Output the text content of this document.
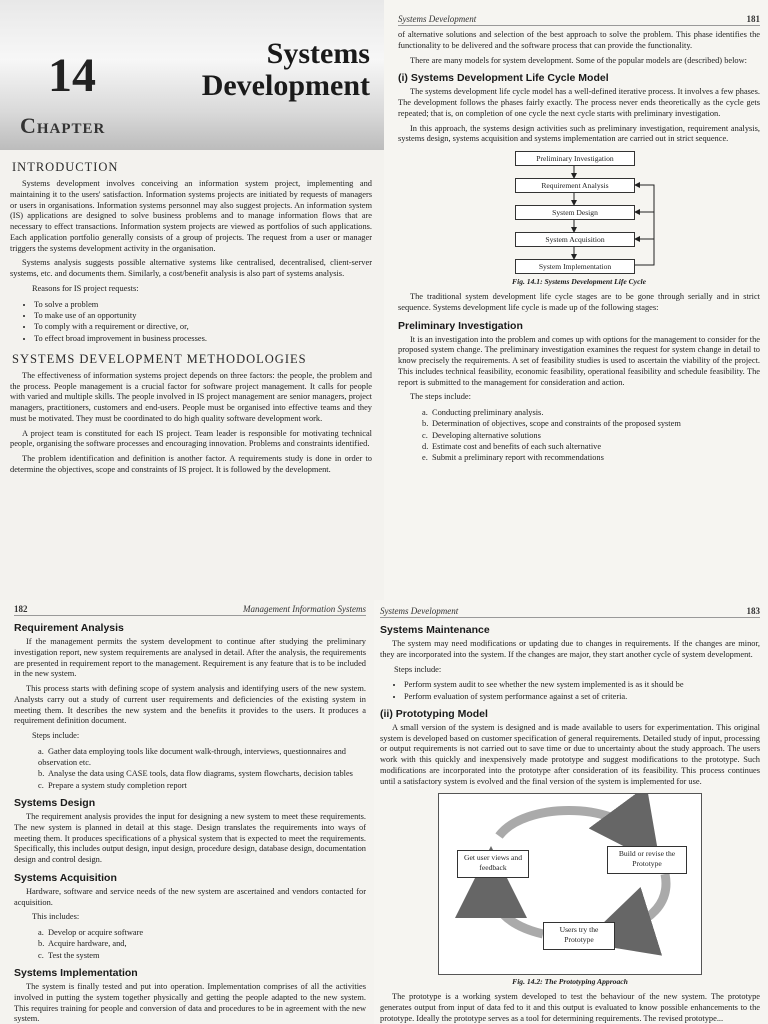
14
Chapter
Systems
Development
INTRODUCTION

Systems development involves conceiving an information system project, implementing and maintaining it to the users' satisfaction. Information systems projects are initiated by requests of managers or users in organisations. Information systems personnel may also suggest projects. An information system (IS) applications are designed to solve business problems and to manage information flows that are necessary to effect transactions. Information system projects are viewed as portfolios of such applications. Each application portfolio generally consists of a group of projects. The request from a user or manager triggers the systems development activity in the organisation.

Systems analysis suggests possible alternative systems like centralised, decentralised, client-server systems, etc. and documents them. Similarly, a cost/benefit analysis is also part of systems analysis.

Reasons for IS project requests:

• To solve a problem
• To make use of an opportunity
• To comply with a requirement or directive, or,
• To effect broad improvement in business processes.
SYSTEMS DEVELOPMENT METHODOLOGIES

The effectiveness of information systems project depends on three factors: the people, the problem and the process. People management is a crucial factor for software project management. It calls for people with varied and multiple skills. The people involved in IS project management are senior managers, project managers, practitioners, customers and end-users. People must be organised into effective teams and they must be motivated. They must be coordinated to do high quality software development work.

A project team is constituted for each IS project. Team leader is responsible for motivating technical people, organising the software processes and encouraging innovation. Problems and constraints identified.

The problem identification and definition is another factor. A requirements study is done in order to determine the objectives, scope and constraints of IS project. It is followed by the development.

Systems Development	181

of alternative solutions and selection of the best approach to solve the problem. This phase identifies the functionality to be delivered and the software process that can provide the functionality.

There are many models for system development. Some of the popular models are (described) below:

(i) Systems Development Life Cycle Model

The systems development life cycle model has a well-defined iterative process. It involves a few phases. The development follows the phases fairly exactly. The process never ends theoretically as the cycle gets repeated; that is, on completion of one cycle the next cycle starts with preliminary investigation.

In this approach, the systems design activities such as preliminary investigation, requirement analysis, systems design, systems acquisition and systems implementation are carried out in strict sequence.

Preliminary Investigation
Requirement Analysis
System Design
System Acquisition
System Implementation
Fig. 14.1: Systems Development Life Cycle

The traditional system development life cycle stages are to be gone through serially and in strict sequence. Systems development life cycle is made up of the following stages:

Preliminary Investigation

It is an investigation into the problem and comes up with options for the management to consider for the proposed system change. The preliminary investigation examines the request for system change in detail to know precisely the requirements. A set of feasibility studies is used to ascertain the viability of the project. This includes technical feasibility, economic feasibility, operational feasibility and schedule feasibility. The report is submitted to the management for consideration and action.

The steps include:

a. Conducting preliminary analysis.
b. Determination of objectives, scope and constraints of the proposed system
c. Developing alternative solutions
d. Estimate cost and benefits of each such alternative
e. Submit a preliminary report with recommendations
182	Management Information Systems
Requirement Analysis

If the management permits the system development to continue after studying the preliminary investigation report, new system requirements are analysed in detail. After the analysis, the requirements are presented in requirement report to the management. Requirement is any feature that is to be included in the new system.

This process starts with defining scope of system analysis and identifying users of the new system. Analysts carry out a study of current user requirements and deficiencies of the existing system in meeting them. It describes the new system and the benefits it provides to the users. It produces a requirement definition document.

Steps include:

a. Gather data employing tools like document walk-through, interviews, questionnaires and observation etc.
b. Analyse the data using CASE tools, data flow diagrams, system flowcharts, decision tables
c. Prepare a system study completion report
Systems Design

The requirement analysis provides the input for designing a new system to meet these requirements. The new system is planned in detail at this stage. Design translates the requirements into ways of meeting them. It produces specifications of a physical system that is expected to meet the requirements. Specifically, this includes output design, input design, procedure design, database design, documentation design and control design.

Systems Acquisition

Hardware, software and service needs of the new system are ascertained and vendors contacted for acquisition.

This includes:

a. Develop or acquire software
b. Acquire hardware, and,
c. Test the system
Systems Implementation

The system is finally tested and put into operation. Implementation comprises of all the activities involved in putting the system together physically and getting the people adapted to the new system. This requires training for people and conversion of data and procedures to be in agreement with the new system.

Systems Development	183
Systems Maintenance

The system may need modifications or updating due to changes in requirements. If the changes are minor, they are incorporated into the system. If the changes are major, they start another cycle of system development.

Steps include:

• Perform system audit to see whether the new system implemented is as it should be
• Perform evaluation of system performance against a set of criteria.
(ii) Prototyping Model

A small version of the system is designed and is made available to users for experimentation. This original system is developed based on customer specification of general requirements. Detailed study of input, processing or output requirements is not carried out to save time or due to uncertainty about the study approach. The users work with this quickly and inexpensively made prototype and suggest modifications to the prototype. Such modifications are incorporated into the prototype after consideration of its feasibility. This process continues until a satisfactory system is evolved and the final version of the system is implemented for use.

Get user views and feedback
Build or revise the Prototype
Users try the Prototype
Fig. 14.2: The Prototyping Approach

The prototype is a working system developed to test the behaviour of the new system. The prototype generates output from input of data fed to it and this output is evaluated to know possible enhancements to the prototype. Ideally the prototype serves as a tool for determining requirements. The revised prototype...
